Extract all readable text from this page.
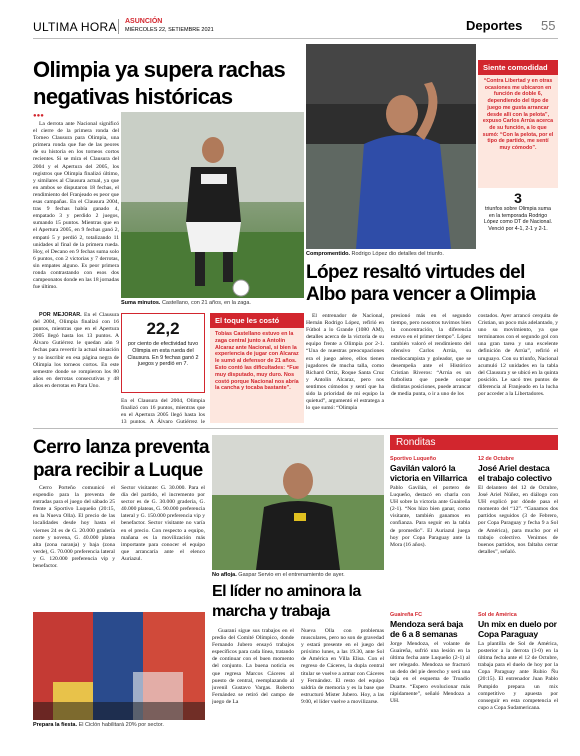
ULTIMA HORA ASUNCIÓN
MIÉRCOLES 22, SETIEMBRE 2021	Deportes 55
Olimpia ya supera rachas negativas históricas
●●●

La derrota ante Nacional significó el cierre de la primera ronda del Torneo Clausura para Olimpia, una primera ronda que fue de las peores de su historia en los torneos cortos recientes. Si se mira el Clausura del 2004 y el Apertura del 2005, los registros que Olimpia finalizó último, y similares al Clausura actual, ya que en ambos se disputaron 18 fechas, el rendimiento del Franjeado es peor que esas campañas. En el Clausura 2004, tras 9 fechas había ganado 4, empatado 3 y perdido 2 juegos, sumando 15 puntos. Mientras que en el Apertura 2005, en 9 fechas ganó 2, empató 5 y perdió 2, totalizando 11 unidades al final de la primera rueda. Hoy, el Decano en 9 fechas suma solo 6 puntos, con 2 victorias y 7 derrotas, sin empates alguno. Es peor primera ronda contrastando con esos dos campeonatos donde en las 18 jornadas fue último.

POR MEJORAR. En el Clausura del 2004, Olimpia finalizó con 16 puntos, mientras que en el Apertura 2005 llegó hasta los 13 puntos. A Álvaro Gutiérrez le quedan aún 9 fechas para revertir la actual situación y no inscribir en esa página negra de Olimpia los torneos cortos. En este semestre donde se rompieron los 80 años en derrotas consecutivas y 48 años en derrotas en Para Uno.

Suma minutos. Castellano, con 21 años, en la zaga.
22,2
por ciento de efectividad tuvo Olimpia en esta rueda del Clausura. En 9 fechas ganó 2 juegos y perdió en 7.

En el Clausura del 2004, Olimpia finalizó con 16 puntos, mientras que en el Apertura 2005 llegó hasta los 13 puntos. A Álvaro Gutiérrez le

El toque les costó
Tobías Castellano estuvo en la zaga central junto a Antolín Alcaraz ante Nacional, si bien la experiencia de jugar con Alcaraz le sumó al defensor de 21 años. Esto contó las dificultades: “Fue muy disputado, muy duro. Nos costó porque Nacional nos abría la cancha y tocaba bastante”.
Compromentido. Rodrigo López dio detalles del triunfo.
Siente comodidad
“Contra Libertad y en otras ocasiones me ubicaron en función de doble 6, dependiendo del tipo de juego me gusta arrancar desde allí con la pelota”, expuso Carlos Arrúa acerca de su función, a lo que sumó: “Con la pelota, por el tipo de partido, me sentí muy cómodo”.
3
triunfos sobre Olimpia suma en la temporada Rodrigo López como DT de Nacional. Venció por 4-1, 2-1 y 2-1.
López resaltó virtudes del Albo para vencer a Olimpia

El entrenador de Nacional, Hernán Rodrigo López, refirió en Fútbol a lo Grande (1080 AM), detalles acerca de la victoria de su equipo frente a Olimpia por 2-1. “Una de nuestras preocupaciones era el juego aéreo, ellos tienen jugadores de mucha talla, como Richard Ortiz, Roque Santa Cruz y Antolín Alcaraz, pero nos sentimos cómodos y sentí que ha sido la prioridad de mi equipo la quietud”, argumentó el estratega a lo que sumó: “Olimpia

presionó más en el segundo tiempo, pero nosotros tuvimos bien la concentración, la diferencia estuvo en el primer tiempo”. López también valoró el rendimiento del ofensivo Carlos Arrúa, su mediocampista y goleador, que se desempeña ante el Histórico Cristian Riveros: “Arrúa es un futbolista que puede ocupar distintas posiciones, puede arrancar de media punta, o ir a uno de los

costados. Ayer arrancó cerquita de Cristian, un poco más adelantado, y uno su movimiento, ya que terminamos con el segundo gol con una gran tarea y una excelente definición de Arrúa”, refirió el uruguayo. Con su triunfo, Nacional acumuló 12 unidades en la tabla del Clausura y se ubicó en la quinta posición. Le sacó tres puntos de diferencia al Franjeado en la lucha por acceder a la Libertadores.

Cerro lanza preventa para recibir a Luque

Cerro Porteño comunicó el expendio para la preventa de entradas para el juego del sábado 25 frente a Sportivo Luqueño (20:15, en la Nueva Olla). El precio de las localidades desde hoy hasta el viernes 24 es de G. 20.000 gradería norte y novena, G. 40.000 platea alta (zona naranja) y baja (zona verde), G. 70.000 preferencia lateral y G. 120.000 preferencia vip y benefactor.

Sector visitante: G. 30.000. Para el día del partido, el incremento por sector es de G. 30.000 gradería, G. 40.000 plateas, G. 90.000 preferencia lateral y G. 150.000 preferencia vip y benefactor. Sector visitante no varía en el precio. Con respecto a equipo, mañana es la movilización más importante para conocer el equipo que arrancaría ante el elenco Auriazul.

Prepara la fiesta. El Ciclón habilitará 20% por sector.
No afloja. Gaspar Servio en el entrenamiento de ayer.
El líder no aminora la marcha y trabaja

Guaraní sigue sus trabajos en el predio del Comité Olímpico, donde Fernando Jubero ensayó trabajos específicos para cada línea, tratando de continuar con el buen momento del conjunto. La buena noticia es que regresa Marcos Cáceres al puesto de central, reemplazando al juvenil Gustavo Vargas. Roberto Fernández se retiró del campo de juego de La

Nueva Olla con problemas musculares, pero no son de gravedad y estará presente en el juego del próximo lunes, a las 19.30, ante Sol de América en Villa Elisa. Con el regreso de Cáceres, la dupla central titular se vuelve a armar con Cáceres y Fernández. El resto del equipo saldría de memoria y es la base que estructuró Mister Jubero. Hoy, a las 9:00, el líder vuelve a movilizarse.

Ronditas
Sportivo Luqueño
Gavilán valoró la victoria en Villarrica
Pablo Gavilán, el portero de Luqueño, destacó en charla con UH sobre la victoria ante Guaireña (2-1). “Nos hizo bien ganar, como visitante, también ganamos en confianza. Para seguir en la tabla de promedio”. El Auriazul juega hoy por Copa Paraguay ante la Mora (16 años).
12 de Octubre
José Ariel destaca el trabajo colectivo
El delantero del 12 de Octubre, José Ariel Núñez, en diálogo con UH explicó por dónde pasa el momento del “12”. “Ganamos dos partidos seguidos (3 de Febrero, por Copa Paraguay y fecha 9 a Sol de América), para mucho por el trabajo colectivo. Venimos de buenos partidos, nos faltaba cerrar detalles”, señaló.
Guaireña FC
Mendoza será baja de 6 a 8 semanas
Jorge Mendoza, el volante de Guaireña, sufrió una lesión en la última fecha ante Luqueño (2-1) al ser relegado. Mendoza se fracturó un dedo del pie derecho y será una baja en el esquema de Troadio Duarte. “Espero evolucionar más rápidamente”, señaló Mendoza a UH.
Sol de América
Un mix en duelo por Copa Paraguay
La plantilla de Sol de América, posterior a la derrota (1-0) en la última fecha ante el 12 de Octubre, trabaja para el duelo de hoy por la Copa Paraguay ante Rubio Ñu (20:15). El entrenador Juan Pablo Pumpido prepara un mix competitivo y apuesta por conseguir en esta competencia el cupo a Copa Sudamericana.
